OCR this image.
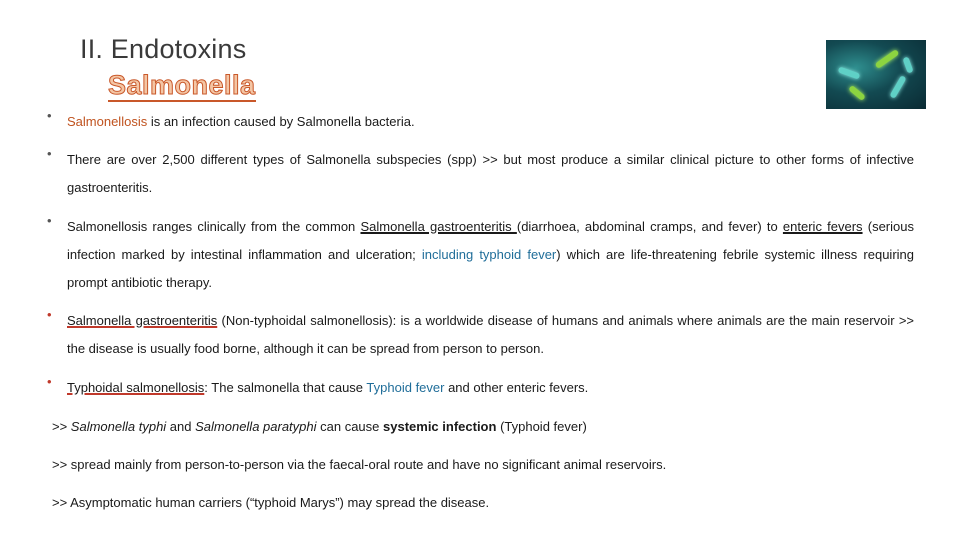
II. Endotoxins
Salmonella

• Salmonellosis is an infection caused by Salmonella bacteria.

• There are over 2,500 different types of Salmonella subspecies (spp) >> but most produce a similar clinical picture to other forms of infective gastroenteritis.

• Salmonellosis ranges clinically from the common Salmonella gastroenteritis (diarrhoea, abdominal cramps, and fever) to enteric fevers (serious infection marked by intestinal inflammation and ulceration; including typhoid fever) which are life-threatening febrile systemic illness requiring prompt antibiotic therapy.

• Salmonella gastroenteritis (Non-typhoidal salmonellosis): is a worldwide disease of humans and animals where animals are the main reservoir >> the disease is usually food borne, although it can be spread from person to person.

• Typhoidal salmonellosis: The salmonella that cause Typhoid fever and other enteric fevers.

>> Salmonella typhi and Salmonella paratyphi can cause systemic infection (Typhoid fever)
>> spread mainly from person-to-person via the faecal-oral route and have no significant animal reservoirs.
>> Asymptomatic human carriers (“typhoid Marys”) may spread the disease.
